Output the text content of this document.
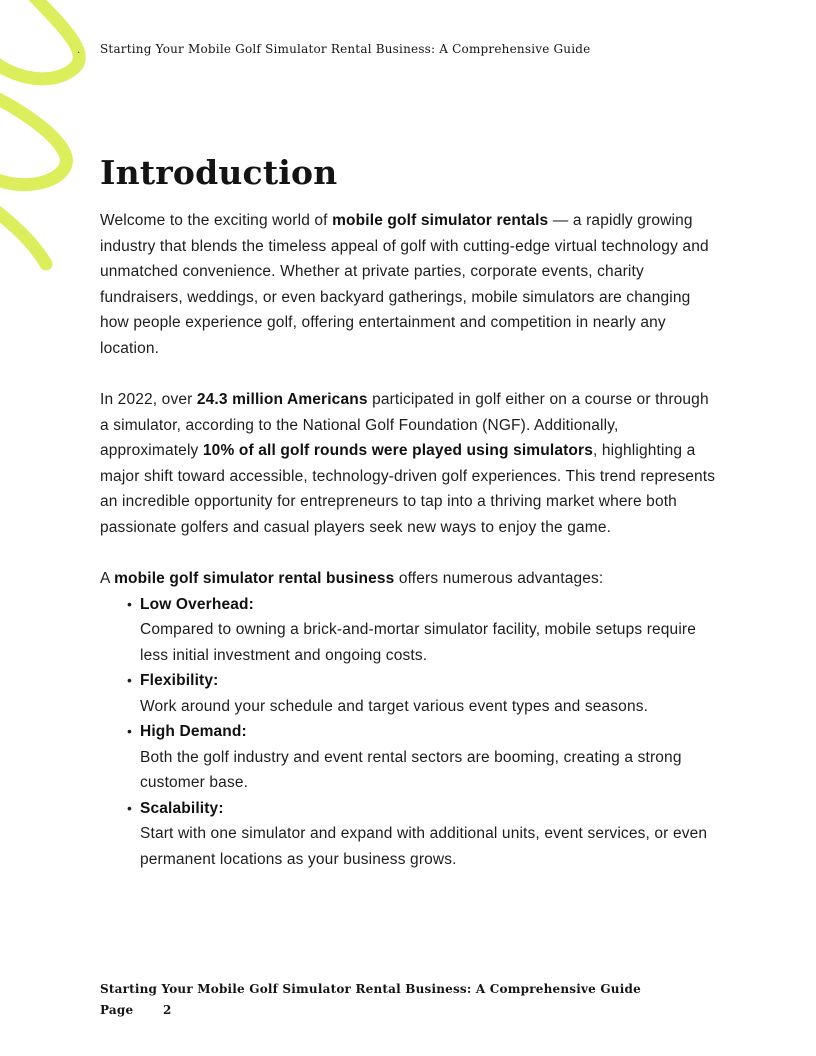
. Starting Your Mobile Golf Simulator Rental Business: A Comprehensive Guide
Introduction

Welcome to the exciting world of mobile golf simulator rentals — a rapidly growing industry that blends the timeless appeal of golf with cutting-edge virtual technology and unmatched convenience. Whether at private parties, corporate events, charity fundraisers, weddings, or even backyard gatherings, mobile simulators are changing how people experience golf, offering entertainment and competition in nearly any location.

In 2022, over 24.3 million Americans participated in golf either on a course or through a simulator, according to the National Golf Foundation (NGF). Additionally, approximately 10% of all golf rounds were played using simulators, highlighting a major shift toward accessible, technology-driven golf experiences. This trend represents an incredible opportunity for entrepreneurs to tap into a thriving market where both passionate golfers and casual players seek new ways to enjoy the game.

A mobile golf simulator rental business offers numerous advantages:

• Low Overhead:
Compared to owning a brick-and-mortar simulator facility, mobile setups require less initial investment and ongoing costs.
• Flexibility:
Work around your schedule and target various event types and seasons.
• High Demand:
Both the golf industry and event rental sectors are booming, creating a strong customer base.
• Scalability:
Start with one simulator and expand with additional units, event services, or even permanent locations as your business grows.
Starting Your Mobile Golf Simulator Rental Business: A Comprehensive Guide
Page	2
